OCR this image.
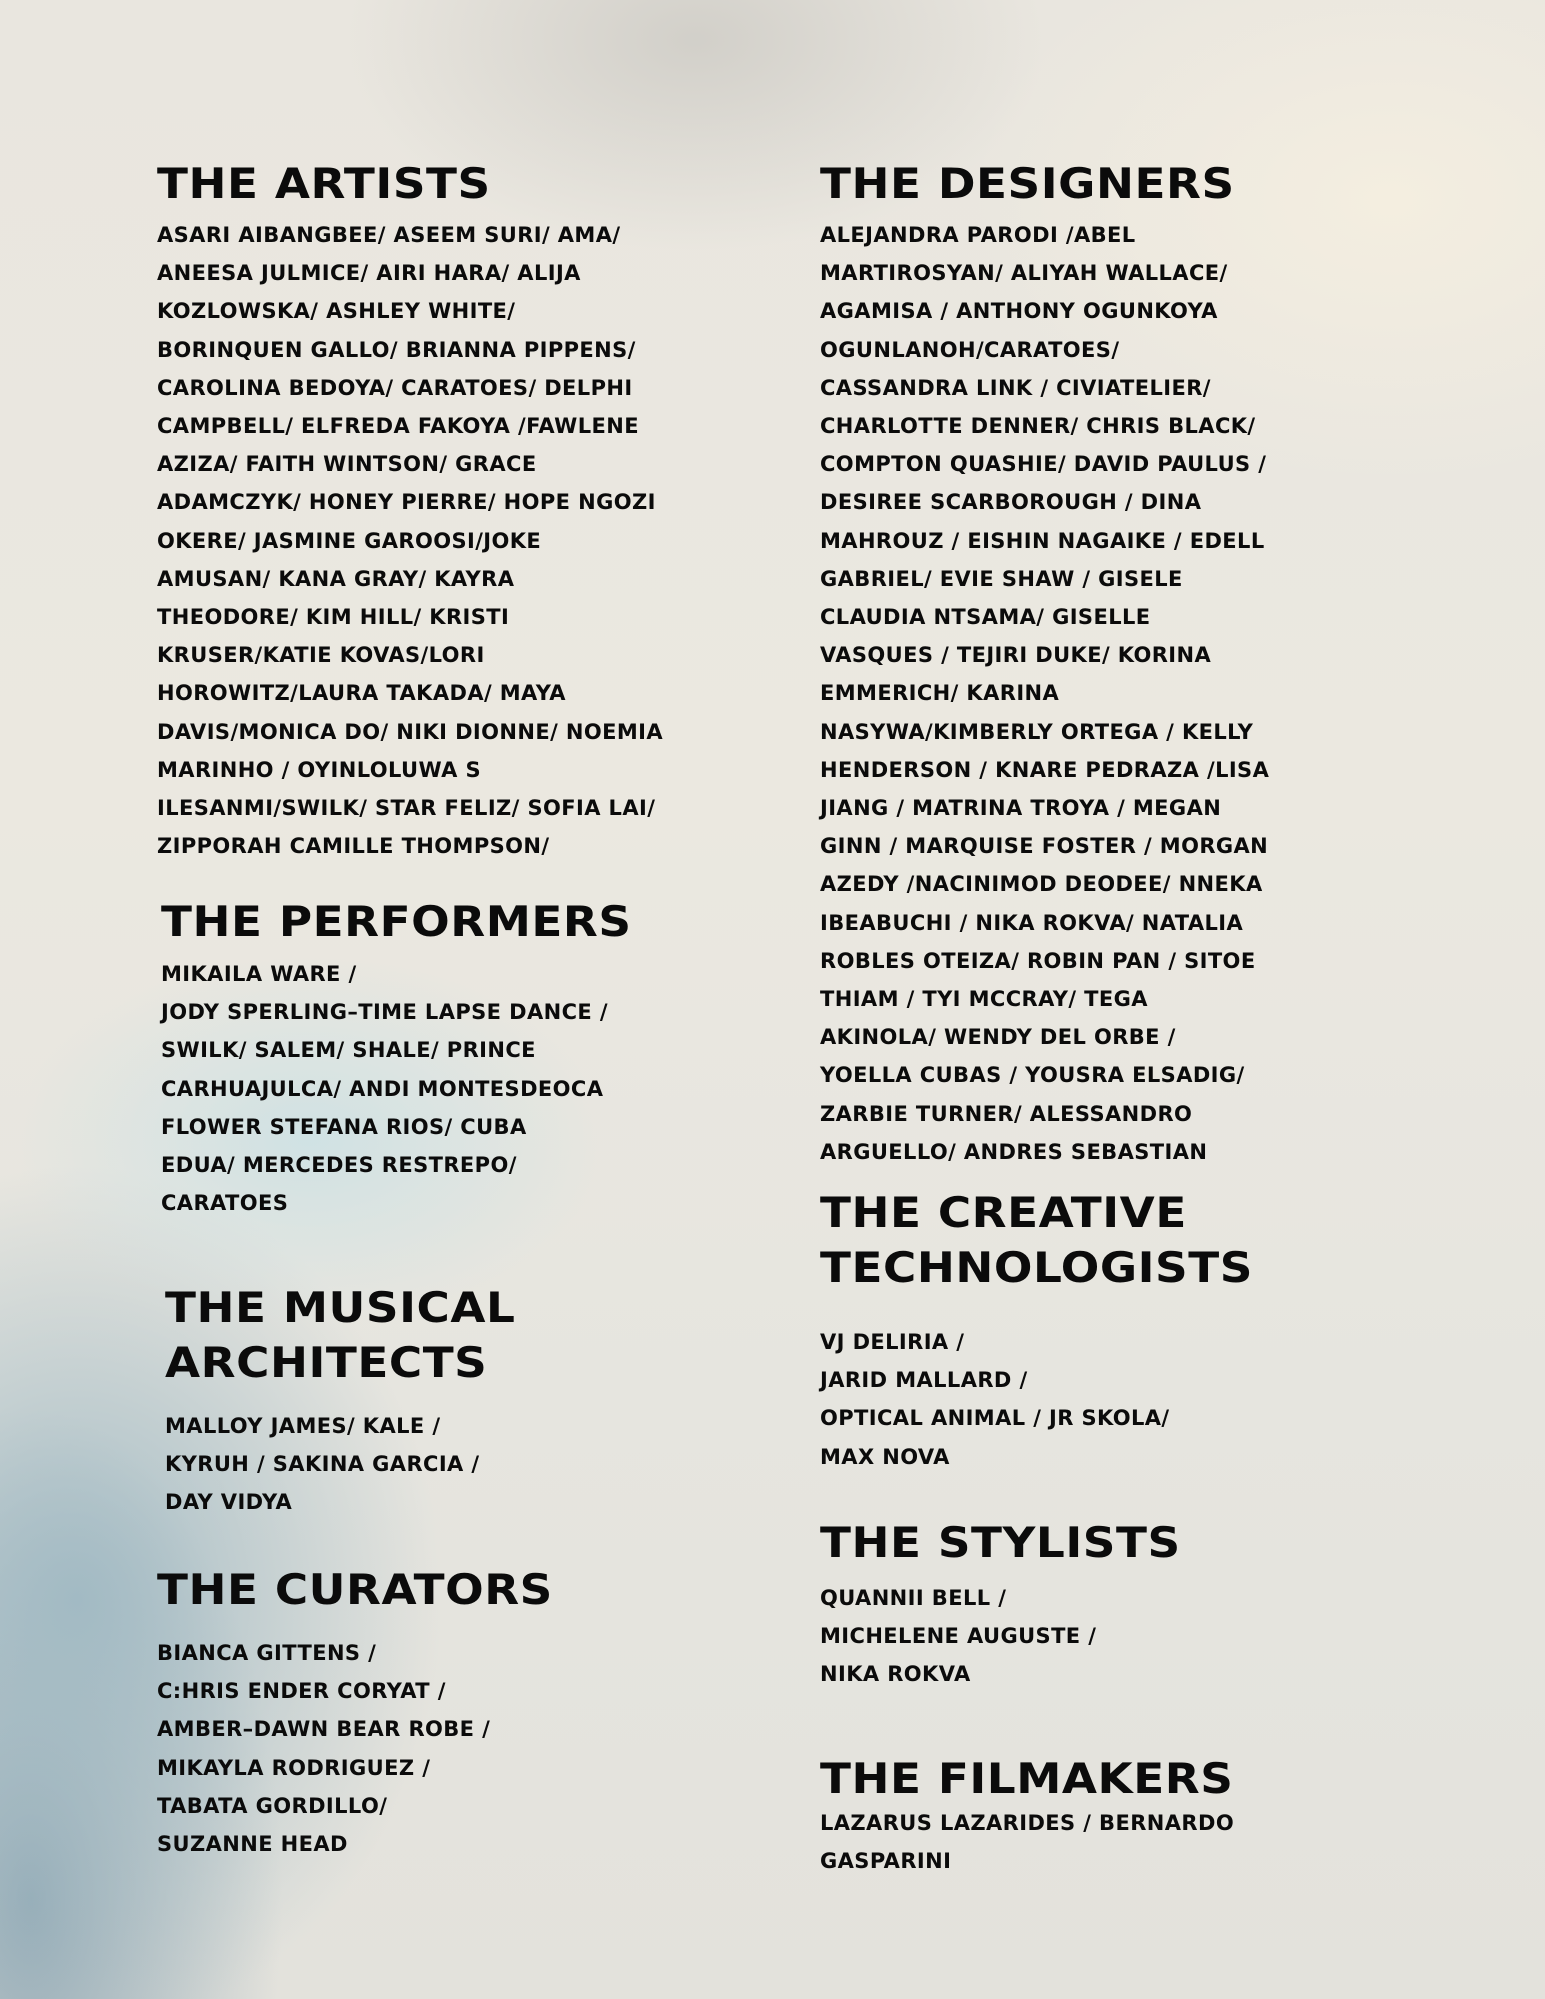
THE ARTISTS
ASARI AIBANGBEE/ ASEEM SURI/ AMA/
ANEESA JULMICE/ AIRI HARA/ ALIJA
KOZLOWSKA/ ASHLEY WHITE/
BORINQUEN GALLO/ BRIANNA PIPPENS/
CAROLINA BEDOYA/ CARATOES/ DELPHI
CAMPBELL/ ELFREDA FAKOYA /FAWLENE
AZIZA/ FAITH WINTSON/ GRACE
ADAMCZYK/ HONEY PIERRE/ HOPE NGOZI
OKERE/ JASMINE GAROOSI/JOKE
AMUSAN/ KANA GRAY/ KAYRA
THEODORE/ KIM HILL/ KRISTI
KRUSER/KATIE KOVAS/LORI
HOROWITZ/LAURA TAKADA/ MAYA
DAVIS/MONICA DO/ NIKI DIONNE/ NOEMIA
MARINHO / OYINLOLUWA S
ILESANMI/SWILK/ STAR FELIZ/ SOFIA LAI/
ZIPPORAH CAMILLE THOMPSON/
THE PERFORMERS
MIKAILA WARE /
JODY SPERLING–TIME LAPSE DANCE /
SWILK/ SALEM/ SHALE/ PRINCE
CARHUAJULCA/ ANDI MONTESDEOCA
FLOWER STEFANA RIOS/ CUBA
EDUA/ MERCEDES RESTREPO/
CARATOES
THE MUSICAL
ARCHITECTS
MALLOY JAMES/ KALE /
KYRUH / SAKINA GARCIA /
DAY VIDYA
THE CURATORS
BIANCA GITTENS /
C:HRIS ENDER CORYAT /
AMBER–DAWN BEAR ROBE /
MIKAYLA RODRIGUEZ /
TABATA GORDILLO/
SUZANNE HEAD
THE DESIGNERS
ALEJANDRA PARODI /ABEL
MARTIROSYAN/ ALIYAH WALLACE/
AGAMISA / ANTHONY OGUNKOYA
OGUNLANOH/CARATOES/
CASSANDRA LINK / CIVIATELIER/
CHARLOTTE DENNER/ CHRIS BLACK/
COMPTON QUASHIE/ DAVID PAULUS /
DESIREE SCARBOROUGH / DINA
MAHROUZ / EISHIN NAGAIKE / EDELL
GABRIEL/ EVIE SHAW / GISELE
CLAUDIA NTSAMA/ GISELLE
VASQUES / TEJIRI DUKE/ KORINA
EMMERICH/ KARINA
NASYWA/KIMBERLY ORTEGA / KELLY
HENDERSON / KNARE PEDRAZA /LISA
JIANG / MATRINA TROYA / MEGAN
GINN / MARQUISE FOSTER / MORGAN
AZEDY /NACINIMOD DEODEE/ NNEKA
IBEABUCHI / NIKA ROKVA/ NATALIA
ROBLES OTEIZA/ ROBIN PAN / SITOE
THIAM / TYI MCCRAY/ TEGA
AKINOLA/ WENDY DEL ORBE /
YOELLA CUBAS / YOUSRA ELSADIG/
ZARBIE TURNER/ ALESSANDRO
ARGUELLO/ ANDRES SEBASTIAN
THE CREATIVE
TECHNOLOGISTS
VJ DELIRIA /
JARID MALLARD /
OPTICAL ANIMAL / JR SKOLA/
MAX NOVA
THE STYLISTS
QUANNII BELL /
MICHELENE AUGUSTE /
NIKA ROKVA
THE FILMAKERS
LAZARUS LAZARIDES / BERNARDO
GASPARINI
